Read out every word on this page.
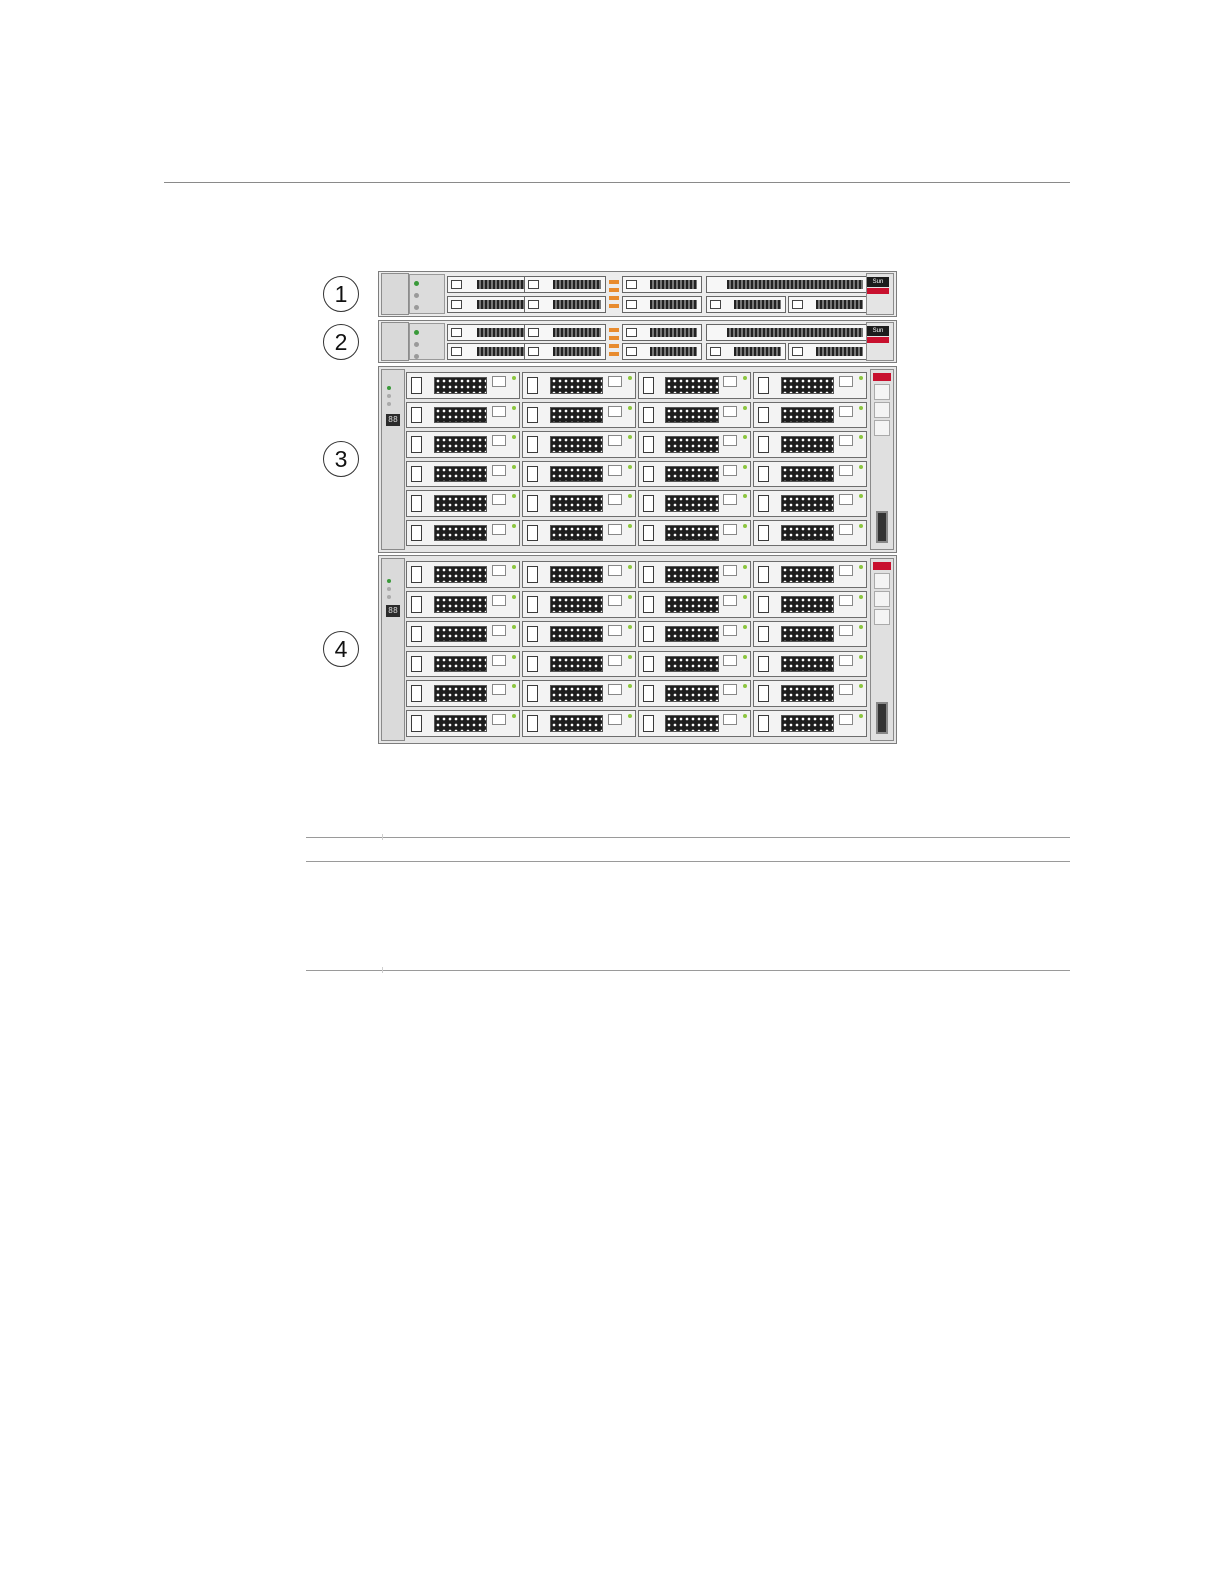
1
2
3
4
Sun
Sun
88
88
